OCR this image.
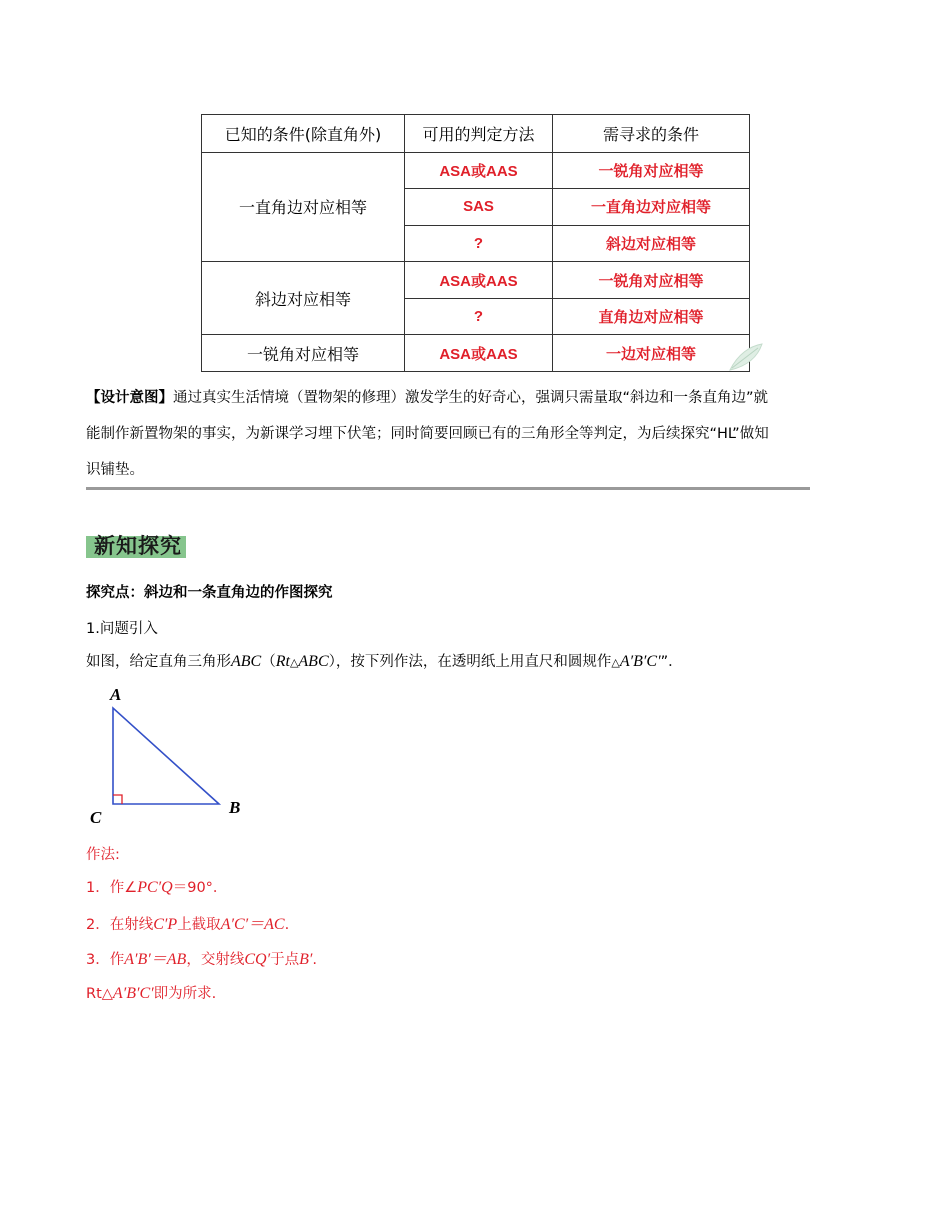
已知的条件(除直角外)	可用的判定方法	需寻求的条件
一直角边对应相等	ASA或AAS	一锐角对应相等
	SAS	一直角边对应相等
	?	斜边对应相等
斜边对应相等	ASA或AAS	一锐角对应相等
	?	直角边对应相等
一锐角对应相等	ASA或AAS	一边对应相等
【设计意图】通过真实生活情境（置物架的修理）激发学生的好奇心，强调只需量取“斜边和一条直角边”就
能制作新置物架的事实，为新课学习埋下伏笔；同时简要回顾已有的三角形全等判定，为后续探究“HL”做知
识铺垫。
新知探究
探究点：斜边和一条直角边的作图探究
1.问题引入
如图，给定直角三角形ABC（Rt△ABC），按下列作法，在透明纸上用直尺和圆规作△A′B′C′”．
A
B
C
作法:
1．作∠PC′Q＝90°．
2．在射线C′P上截取A′C′＝AC.
3．作A′B′＝AB，交射线CQ′于点B′.
Rt△A′B′C′即为所求.
